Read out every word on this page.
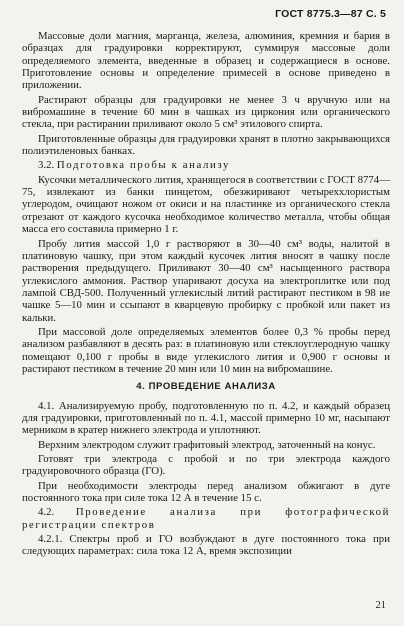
ГОСТ 8775.3—87 С. 5

Массовые доли магния, марганца, железа, алюминия, кремния и бария в образцах для градуировки корректируют, суммируя массовые доли определяемого элемента, введенные в образец и содержащиеся в основе. Приготовление основы и определение примесей в основе приведено в приложении.

Растирают образцы для градуировки не менее 3 ч вручную или на вибромашине в течение 60 мин в чашках из циркония или органического стекла, при растирании приливают около 5 см³ этилового спирта.

Приготовленные образцы для градуировки хранят в плотно закрывающихся полиэтиленовых банках.

3.2. Подготовка пробы к анализу

Кусочки металлического лития, хранящегося в соответствии с ГОСТ 8774—75, извлекают из банки пинцетом, обезжиривают четыреххлористым углеродом, очищают ножом от окиси и на пластинке из органического стекла отрезают от каждого кусочка необходимое количество металла, чтобы общая масса его составила примерно 1 г.

Пробу лития массой 1,0 г растворяют в 30—40 см³ воды, налитой в платиновую чашку, при этом каждый кусочек лития вносят в чашку после растворения предыдущего. Приливают 30—40 см³ насыщенного раствора углекислого аммония. Раствор упаривают досуха на электроплитке или под лампой СВД-500. Полученный углекислый литий растирают пестиком в 98 ие чашке 5—10 мин и ссыпают в кварцевую пробирку с пробкой или пакет из кальки.

При массовой доле определяемых элементов более 0,3 % пробы перед анализом разбавляют в десять раз: в платиновую или стеклоуглеродную чашку помещают 0,100 г пробы в виде углекислого лития и 0,900 г основы и растирают пестиком в течение 20 мин или 10 мин на вибромашине.

4. ПРОВЕДЕНИЕ АНАЛИЗА

4.1. Анализируемую пробу, подготовленную по п. 4.2, и каждый образец для градуировки, приготовленный по п. 4.1, массой примерно 10 мг, насыпают мерником в кратер нижнего электрода и уплотняют.

Верхним электродом служит графитовый электрод, заточенный на конус.

Готовят три электрода с пробой и по три электрода каждого градуировочного образца (ГО).

При необходимости электроды перед анализом обжигают в дуге постоянного тока при силе тока 12 А в течение 15 с.

4.2. Проведение анализа при фотографической регистрации спектров

4.2.1. Спектры проб и ГО возбуждают в дуге постоянного тока при следующих параметрах: сила тока 12 А, время экспозиции

21
